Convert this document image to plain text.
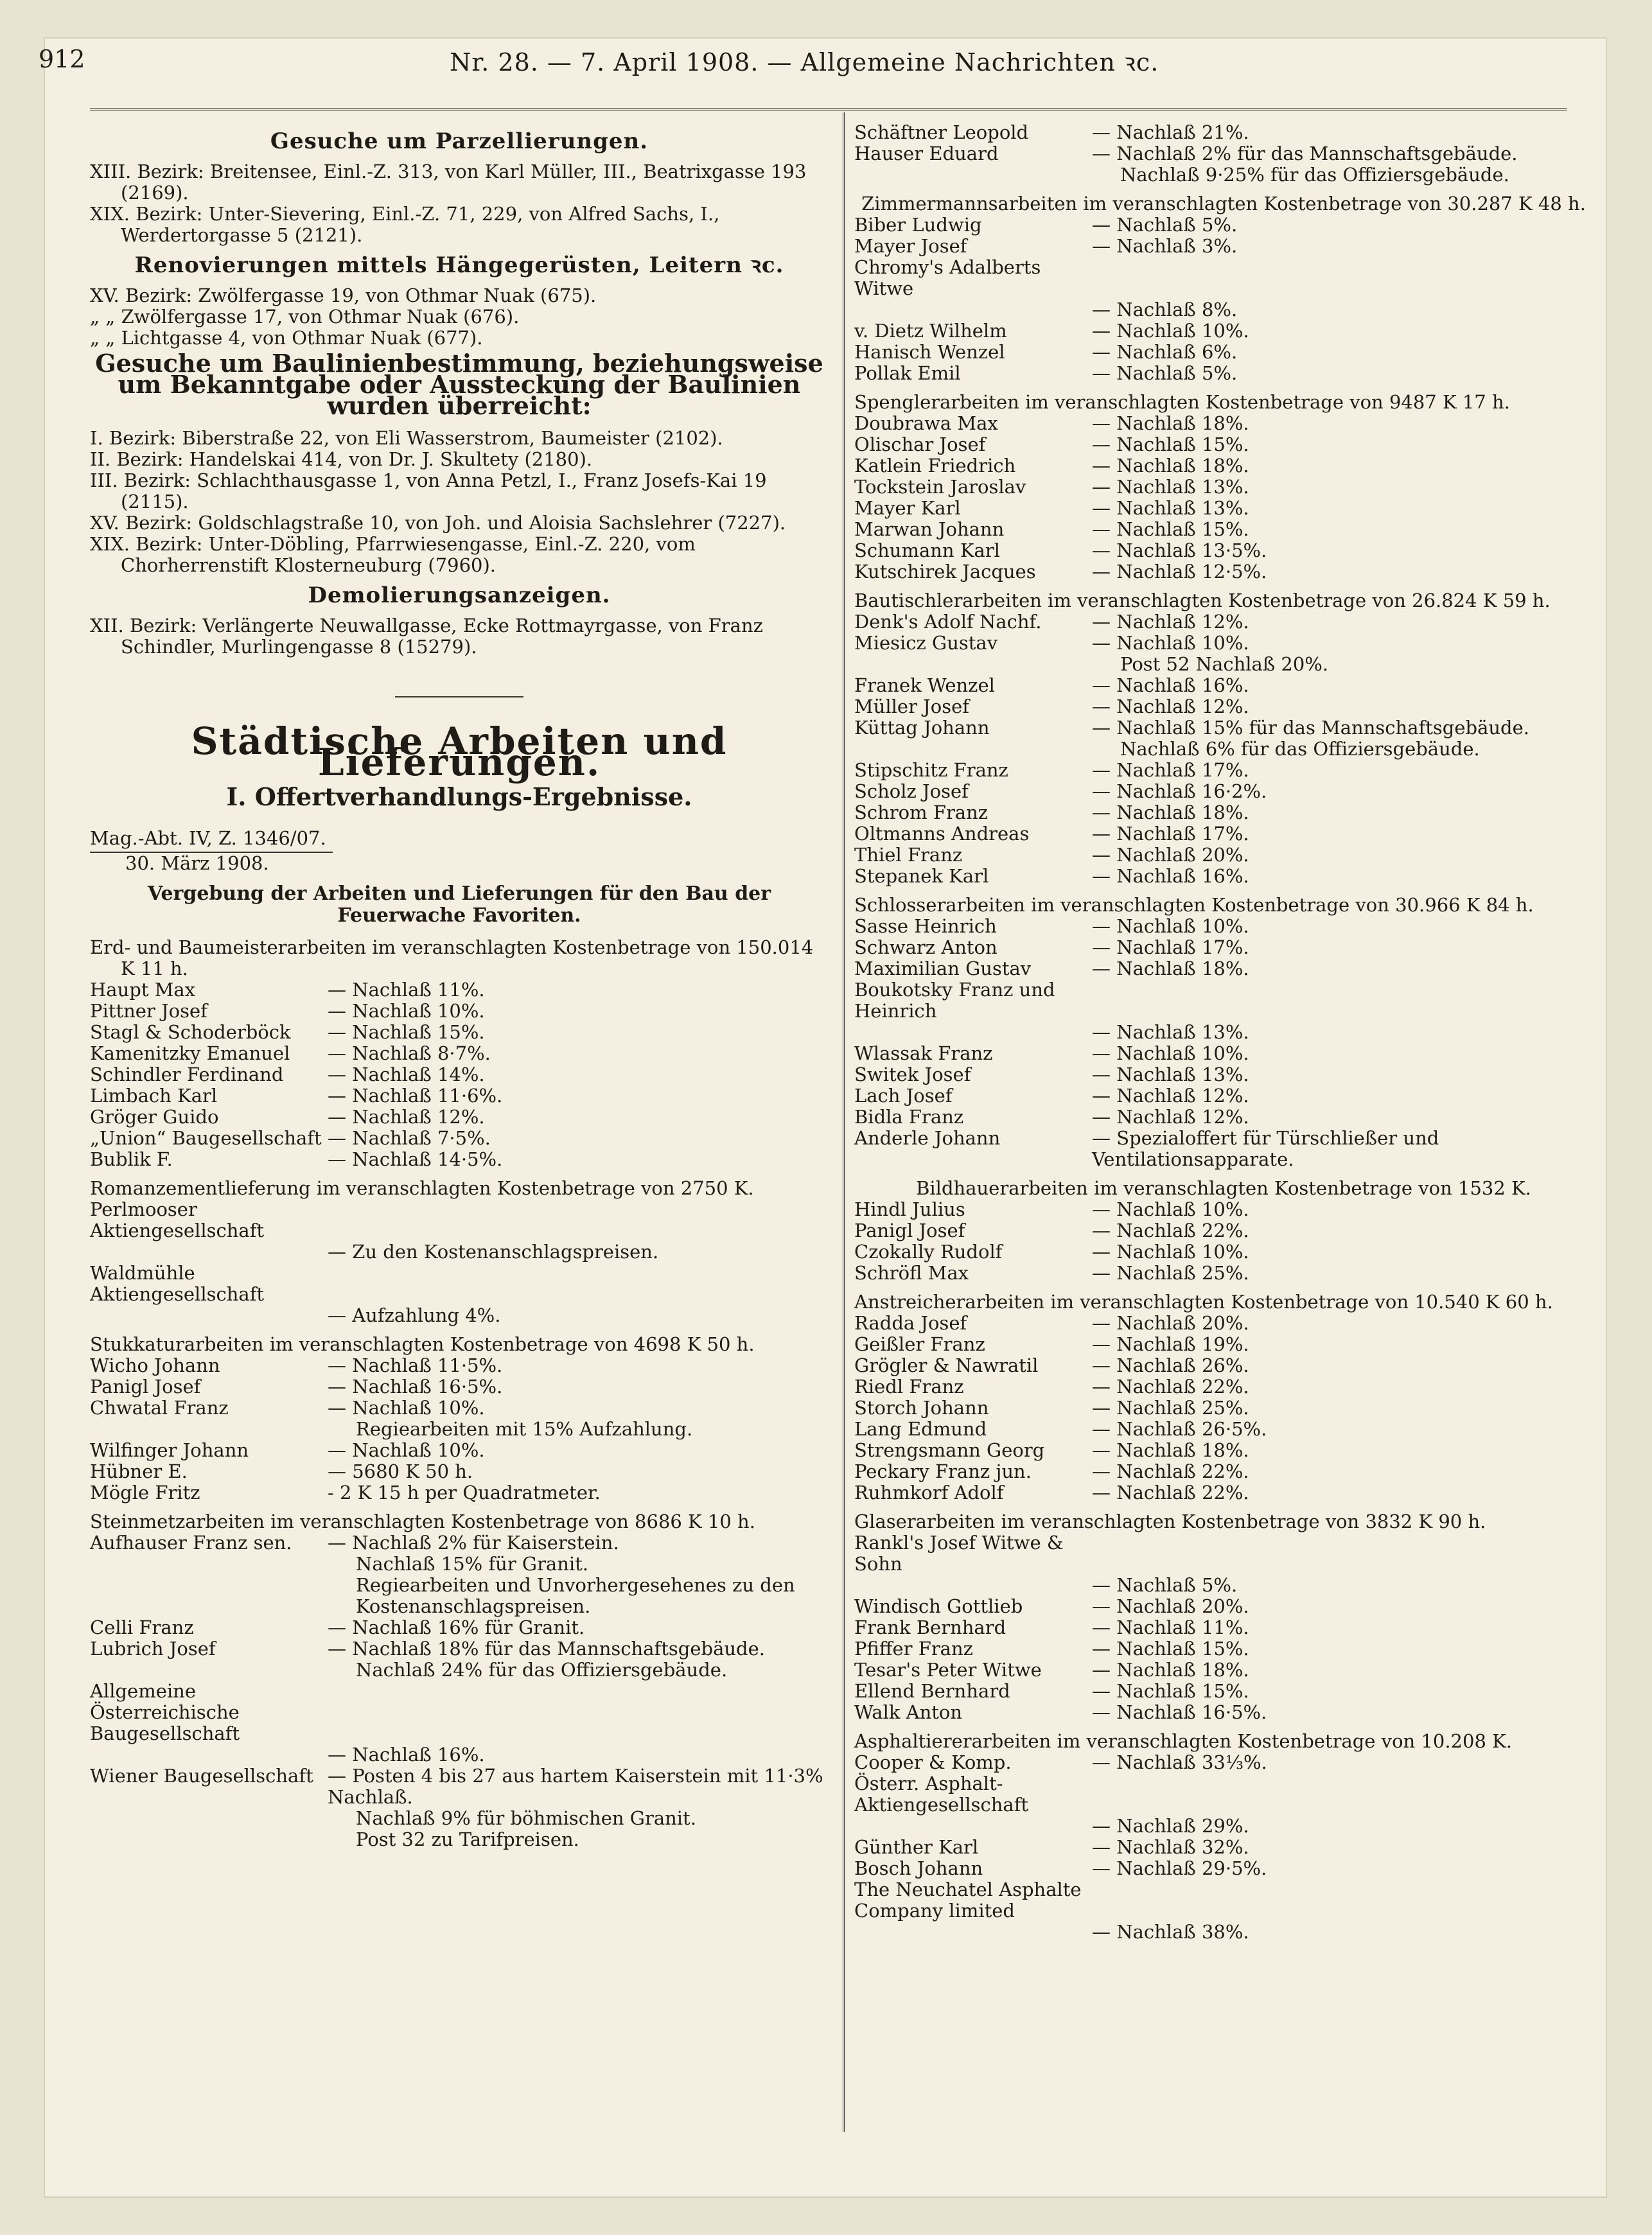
912	Nr. 28. — 7. April 1908. — Allgemeine Nachrichten ꝛc.
Gesuche um Parzellierungen.
XIII. Bezirk: Breitensee, Einl.-Z. 313, von Karl Müller, III., Beatrixgasse 193 (2169).
XIX. Bezirk: Unter-Sievering, Einl.-Z. 71, 229, von Alfred Sachs, I., Werdertorgasse 5 (2121).
Renovierungen mittels Hängegerüsten, Leitern ꝛc.
XV. Bezirk: Zwölfergasse 19, von Othmar Nuak (675).
„ „ Zwölfergasse 17, von Othmar Nuak (676).
„ „ Lichtgasse 4, von Othmar Nuak (677).
Gesuche um Baulinienbestimmung, beziehungsweise um Bekanntgabe oder Aussteckung der Baulinien wurden überreicht:
I. Bezirk: Biberstraße 22, von Eli Wasserstrom, Baumeister (2102).
II. Bezirk: Handelskai 414, von Dr. J. Skultety (2180).
III. Bezirk: Schlachthausgasse 1, von Anna Petzl, I., Franz Josefs-Kai 19 (2115).
XV. Bezirk: Goldschlagstraße 10, von Joh. und Aloisia Sachslehrer (7227).
XIX. Bezirk: Unter-Döbling, Pfarrwiesengasse, Einl.-Z. 220, vom Chorherrenstift Klosterneuburg (7960).
Demolierungsanzeigen.
XII. Bezirk: Verlängerte Neuwallgasse, Ecke Rottmayrgasse, von Franz Schindler, Murlingengasse 8 (15279).
Städtische Arbeiten und Lieferungen.
I. Offertverhandlungs-Ergebnisse.
Mag.-Abt. IV, Z. 1346/07.
30. März 1908.
Vergebung der Arbeiten und Lieferungen für den Bau der Feuerwache Favoriten.
Erd- und Baumeisterarbeiten im veranschlagten Kostenbetrage von 150.014 K 11 h.
Haupt Max	— Nachlaß 11%.
Pittner Josef	— Nachlaß 10%.
Stagl & Schoderböck	— Nachlaß 15%.
Kamenitzky Emanuel	— Nachlaß 8·7%.
Schindler Ferdinand	— Nachlaß 14%.
Limbach Karl	— Nachlaß 11·6%.
Gröger Guido	— Nachlaß 12%.
„Union“ Baugesellschaft — Nachlaß 7·5%.
Bublik F.	— Nachlaß 14·5%.
Romanzementlieferung im veranschlagten Kostenbetrage von 2750 K.
Perlmooser Aktiengesellschaft
— Zu den Kostenanschlagspreisen.
Waldmühle Aktiengesellschaft
— Aufzahlung 4%.
Stukkaturarbeiten im veranschlagten Kostenbetrage von 4698 K 50 h.
Wicho Johann	— Nachlaß 11·5%.
Panigl Josef	— Nachlaß 16·5%.
Chwatal Franz	— Nachlaß 10%.
Regiearbeiten mit 15% Aufzahlung.
Wilfinger Johann	— Nachlaß 10%.
Hübner E.	— 5680 K 50 h.
Mögle Fritz	- 2 K 15 h per Quadratmeter.
Steinmetzarbeiten im veranschlagten Kostenbetrage von 8686 K 10 h.
Aufhauser Franz sen.	— Nachlaß 2% für Kaiserstein.
Nachlaß 15% für Granit.
Regiearbeiten und Unvorhergesehenes zu den Kostenanschlagspreisen.
Celli Franz	— Nachlaß 16% für Granit.
Lubrich Josef	— Nachlaß 18% für das Mannschaftsgebäude.
Nachlaß 24% für das Offiziersgebäude.
Allgemeine Österreichische Baugesellschaft
— Nachlaß 16%.
Wiener Baugesellschaft — Posten 4 bis 27 aus hartem Kaiserstein mit 11·3% Nachlaß.
Nachlaß 9% für böhmischen Granit.
Post 32 zu Tarifpreisen.
Schäftner Leopold	— Nachlaß 21%.
Hauser Eduard	— Nachlaß 2% für das Mannschaftsgebäude.
Nachlaß 9·25% für das Offiziersgebäude.
Zimmermannsarbeiten im veranschlagten Kostenbetrage von 30.287 K 48 h.
Biber Ludwig	— Nachlaß 5%.
Mayer Josef	— Nachlaß 3%.
Chromy's Adalberts Witwe
— Nachlaß 8%.
v. Dietz Wilhelm	— Nachlaß 10%.
Hanisch Wenzel	— Nachlaß 6%.
Pollak Emil	— Nachlaß 5%.
Spenglerarbeiten im veranschlagten Kostenbetrage von 9487 K 17 h.
Doubrawa Max	— Nachlaß 18%.
Olischar Josef	— Nachlaß 15%.
Katlein Friedrich	— Nachlaß 18%.
Tockstein Jaroslav	— Nachlaß 13%.
Mayer Karl	— Nachlaß 13%.
Marwan Johann	— Nachlaß 15%.
Schumann Karl	— Nachlaß 13·5%.
Kutschirek Jacques	— Nachlaß 12·5%.
Bautischlerarbeiten im veranschlagten Kostenbetrage von 26.824 K 59 h.
Denk's Adolf Nachf.	— Nachlaß 12%.
Miesicz Gustav	— Nachlaß 10%.
Post 52 Nachlaß 20%.
Franek Wenzel	— Nachlaß 16%.
Müller Josef	— Nachlaß 12%.
Küttag Johann	— Nachlaß 15% für das Mannschaftsgebäude.
Nachlaß 6% für das Offiziersgebäude.
Stipschitz Franz	— Nachlaß 17%.
Scholz Josef	— Nachlaß 16·2%.
Schrom Franz	— Nachlaß 18%.
Oltmanns Andreas	— Nachlaß 17%.
Thiel Franz	— Nachlaß 20%.
Stepanek Karl	— Nachlaß 16%.
Schlosserarbeiten im veranschlagten Kostenbetrage von 30.966 K 84 h.
Sasse Heinrich	— Nachlaß 10%.
Schwarz Anton	— Nachlaß 17%.
Maximilian Gustav	— Nachlaß 18%.
Boukotsky Franz und Heinrich
— Nachlaß 13%.
Wlassak Franz	— Nachlaß 10%.
Switek Josef	— Nachlaß 13%.
Lach Josef	— Nachlaß 12%.
Bidla Franz	— Nachlaß 12%.
Anderle Johann	— Spezialoffert für Türschließer und Ventilationsapparate.
Bildhauerarbeiten im veranschlagten Kostenbetrage von 1532 K.
Hindl Julius	— Nachlaß 10%.
Panigl Josef	— Nachlaß 22%.
Czokally Rudolf	— Nachlaß 10%.
Schröfl Max	— Nachlaß 25%.
Anstreicherarbeiten im veranschlagten Kostenbetrage von 10.540 K 60 h.
Radda Josef	— Nachlaß 20%.
Geißler Franz	— Nachlaß 19%.
Grögler & Nawratil	— Nachlaß 26%.
Riedl Franz	— Nachlaß 22%.
Storch Johann	— Nachlaß 25%.
Lang Edmund	— Nachlaß 26·5%.
Strengsmann Georg	— Nachlaß 18%.
Peckary Franz jun.	— Nachlaß 22%.
Ruhmkorf Adolf	— Nachlaß 22%.
Glaserarbeiten im veranschlagten Kostenbetrage von 3832 K 90 h.
Rankl's Josef Witwe & Sohn
— Nachlaß 5%.
Windisch Gottlieb	— Nachlaß 20%.
Frank Bernhard	— Nachlaß 11%.
Pfiffer Franz	— Nachlaß 15%.
Tesar's Peter Witwe	— Nachlaß 18%.
Ellend Bernhard	— Nachlaß 15%.
Walk Anton	— Nachlaß 16·5%.
Asphaltiererarbeiten im veranschlagten Kostenbetrage von 10.208 K.
Cooper & Komp.	— Nachlaß 33⅓%.
Österr. Asphalt-Aktiengesellschaft
— Nachlaß 29%.
Günther Karl	— Nachlaß 32%.
Bosch Johann	— Nachlaß 29·5%.
The Neuchatel Asphalte Company limited
— Nachlaß 38%.
